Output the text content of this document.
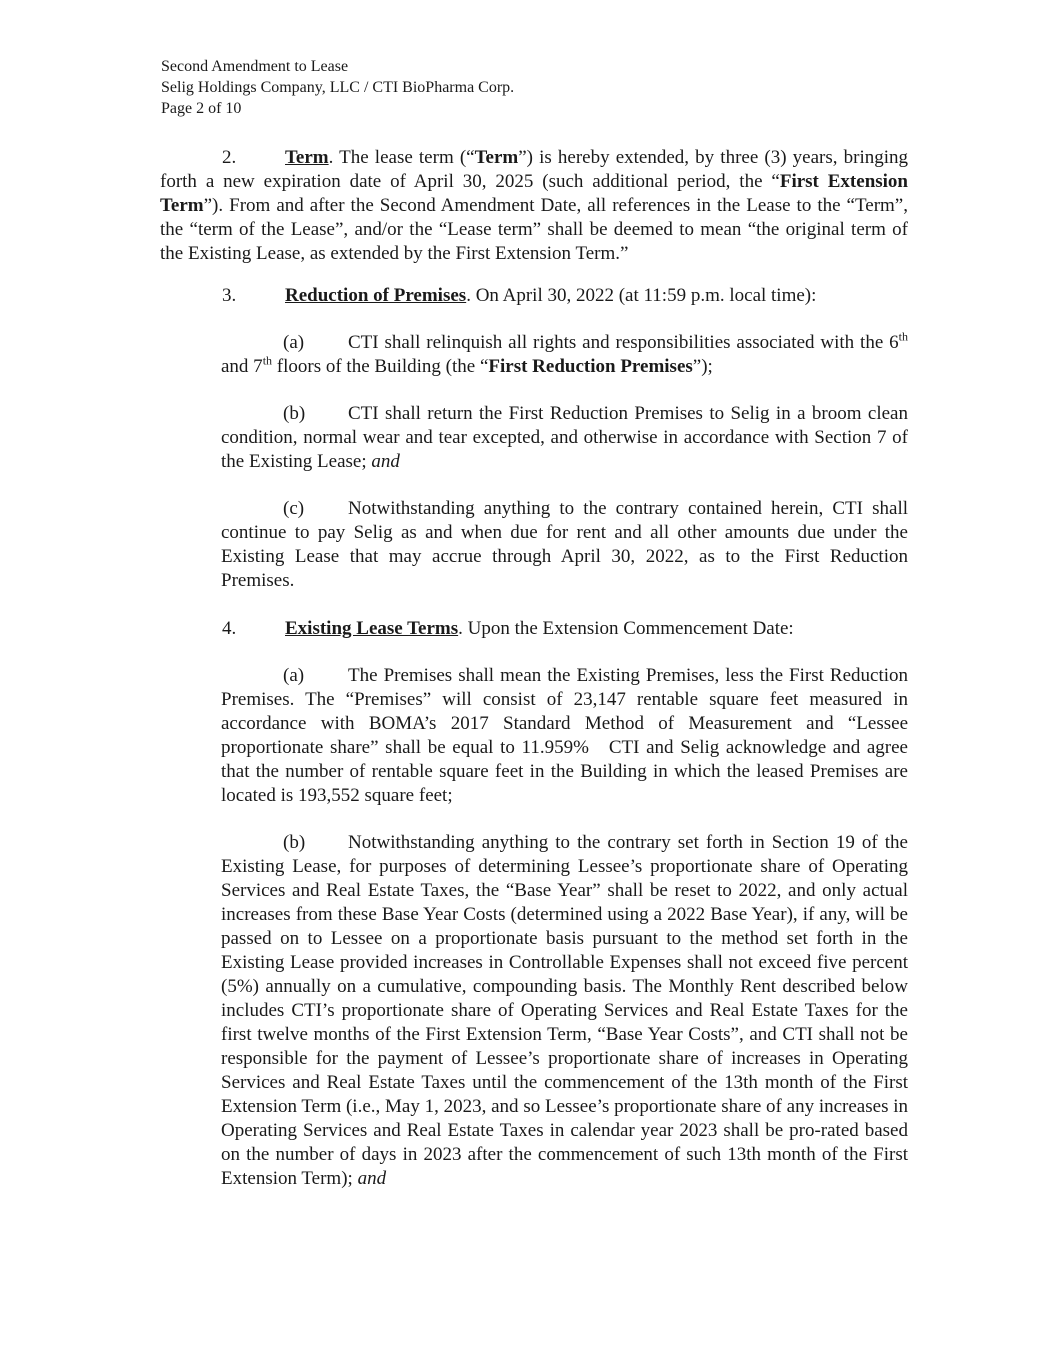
Second Amendment to Lease
Selig Holdings Company, LLC / CTI BioPharma Corp.
Page 2 of 10

2.	Term. The lease term (“Term”) is hereby extended, by three (3) years, bringing forth a new expiration date of April 30, 2025 (such additional period, the “First Extension Term”). From and after the Second Amendment Date, all references in the Lease to the “Term”, the “term of the Lease”, and/or the “Lease term” shall be deemed to mean “the original term of the Existing Lease, as extended by the First Extension Term.”

3.	Reduction of Premises. On April 30, 2022 (at 11:59 p.m. local time):

(a) CTI shall relinquish all rights and responsibilities associated with the 6th and 7th floors of the Building (the “First Reduction Premises”);

(b) CTI shall return the First Reduction Premises to Selig in a broom clean condition, normal wear and tear excepted, and otherwise in accordance with Section 7 of the Existing Lease; and

(c) Notwithstanding anything to the contrary contained herein, CTI shall continue to pay Selig as and when due for rent and all other amounts due under the Existing Lease that may accrue through April 30, 2022, as to the First Reduction Premises.

4.	Existing Lease Terms. Upon the Extension Commencement Date:

(a) The Premises shall mean the Existing Premises, less the First Reduction Premises. The “Premises” will consist of 23,147 rentable square feet measured in accordance with BOMA’s 2017 Standard Method of Measurement and “Lessee proportionate share” shall be equal to 11.959%   CTI and Selig acknowledge and agree that the number of rentable square feet in the Building in which the leased Premises are located is 193,552 square feet;

(b) Notwithstanding anything to the contrary set forth in Section 19 of the Existing Lease, for purposes of determining Lessee’s proportionate share of Operating Services and Real Estate Taxes, the “Base Year” shall be reset to 2022, and only actual increases from these Base Year Costs (determined using a 2022 Base Year), if any, will be passed on to Lessee on a proportionate basis pursuant to the method set forth in the Existing Lease provided increases in Controllable Expenses shall not exceed five percent (5%) annually on a cumulative, compounding basis. The Monthly Rent described below includes CTI’s proportionate share of Operating Services and Real Estate Taxes for the first twelve months of the First Extension Term, “Base Year Costs”, and CTI shall not be responsible for the payment of Lessee’s proportionate share of increases in Operating Services and Real Estate Taxes until the commencement of the 13th month of the First Extension Term (i.e., May 1, 2023, and so Lessee’s proportionate share of any increases in Operating Services and Real Estate Taxes in calendar year 2023 shall be pro-rated based on the number of days in 2023 after the commencement of such 13th month of the First Extension Term); and
